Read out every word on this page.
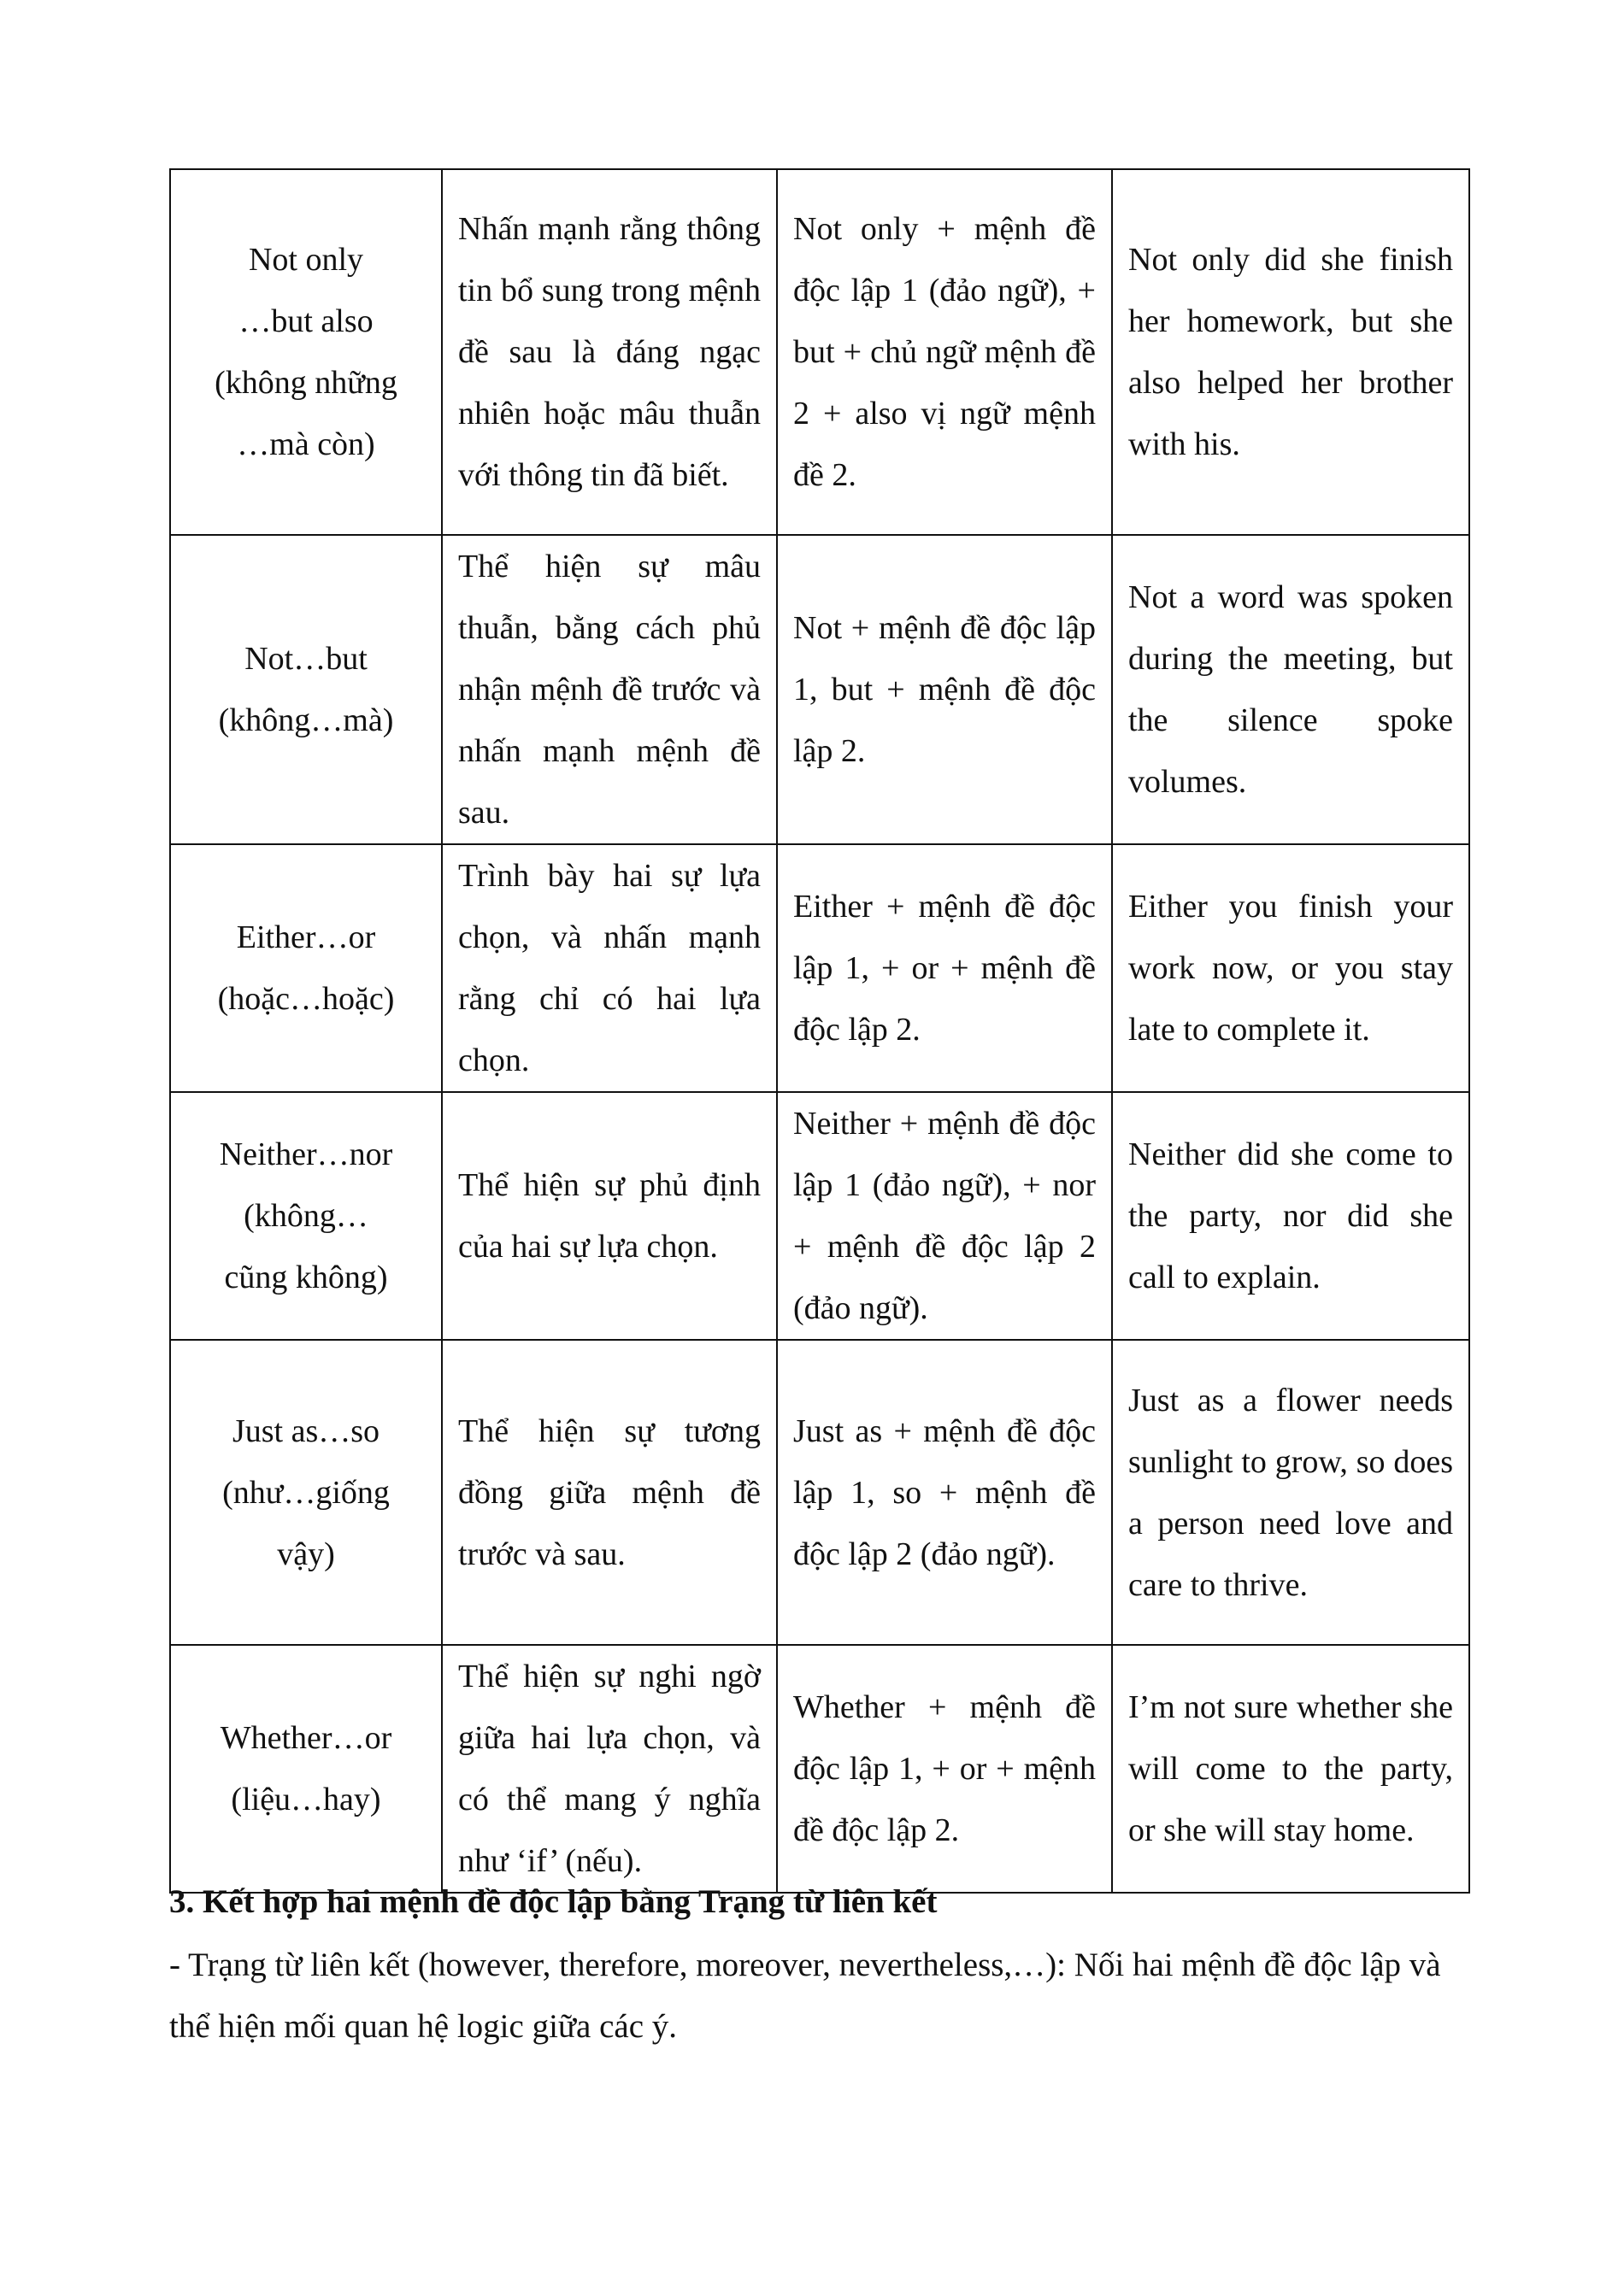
Not only
…but also
(không những
…mà còn)	Nhấn mạnh rằng thông tin bổ sung trong mệnh đề sau là đáng ngạc nhiên hoặc mâu thuẫn với thông tin đã biết.	Not only + mệnh đề độc lập 1 (đảo ngữ), + but + chủ ngữ mệnh đề 2 + also vị ngữ mệnh đề 2.	Not only did she finish her homework, but she also helped her brother with his.

Not…but
(không…mà)	Thể hiện sự mâu thuẫn, bằng cách phủ nhận mệnh đề trước và nhấn mạnh mệnh đề sau.	Not + mệnh đề độc lập 1, but + mệnh đề độc lập 2.	Not a word was spoken during the meeting, but the silence spoke volumes.

Either…or
(hoặc…hoặc)	Trình bày hai sự lựa chọn, và nhấn mạnh rằng chỉ có hai lựa chọn.	Either + mệnh đề độc lập 1, + or + mệnh đề độc lập 2.	Either you finish your work now, or you stay late to complete it.

Neither…nor
(không…
cũng không)	Thể hiện sự phủ định của hai sự lựa chọn.	Neither + mệnh đề độc lập 1 (đảo ngữ), + nor + mệnh đề độc lập 2 (đảo ngữ).	Neither did she come to the party, nor did she call to explain.

Just as…so
(như…giống
vậy)	Thể hiện sự tương đồng giữa mệnh đề trước và sau.	Just as + mệnh đề độc lập 1, so + mệnh đề độc lập 2 (đảo ngữ).	Just as a flower needs sunlight to grow, so does a person need love and care to thrive.

Whether…or
(liệu…hay)	Thể hiện sự nghi ngờ giữa hai lựa chọn, và có thể mang ý nghĩa như ‘if’ (nếu).	Whether + mệnh đề độc lập 1, + or + mệnh đề độc lập 2.	I’m not sure whether she will come to the party, or she will stay home.
3. Kết hợp hai mệnh đề độc lập bằng Trạng từ liên kết

- Trạng từ liên kết (however, therefore, moreover, nevertheless,…): Nối hai mệnh đề độc lập và thể hiện mối quan hệ logic giữa các ý.
